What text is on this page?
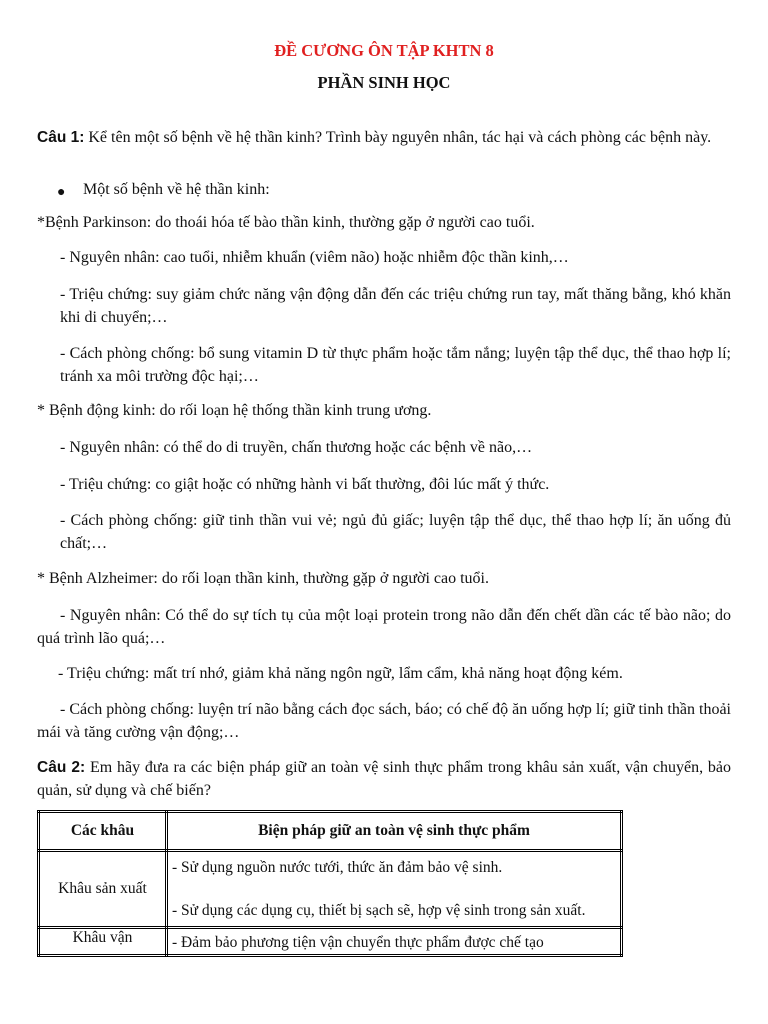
ĐỀ CƯƠNG ÔN TẬP KHTN 8
PHẦN SINH HỌC
Câu 1: Kể tên một số bệnh về hệ thần kinh? Trình bày nguyên nhân, tác hại và cách phòng các bệnh này.
● Một số bệnh về hệ thần kinh:
*Bệnh Parkinson: do thoái hóa tế bào thần kinh, thường gặp ở người cao tuổi.
- Nguyên nhân: cao tuổi, nhiễm khuẩn (viêm não) hoặc nhiễm độc thần kinh,…
- Triệu chứng: suy giảm chức năng vận động dẫn đến các triệu chứng run tay, mất thăng bằng, khó khăn khi di chuyển;…
- Cách phòng chống: bổ sung vitamin D từ thực phẩm hoặc tắm nắng; luyện tập thể dục, thể thao hợp lí; tránh xa môi trường độc hại;…
* Bệnh động kinh: do rối loạn hệ thống thần kinh trung ương.
- Nguyên nhân: có thể do di truyền, chấn thương hoặc các bệnh về não,…
- Triệu chứng: co giật hoặc có những hành vi bất thường, đôi lúc mất ý thức.
- Cách phòng chống: giữ tinh thần vui vẻ; ngủ đủ giấc; luyện tập thể dục, thể thao hợp lí; ăn uống đủ chất;…
* Bệnh Alzheimer: do rối loạn thần kinh, thường gặp ở người cao tuổi.
- Nguyên nhân: Có thể do sự tích tụ của một loại protein trong não dẫn đến chết dần các tế bào não; do quá trình lão quá;…
- Triệu chứng: mất trí nhớ, giảm khả năng ngôn ngữ, lẩm cẩm, khả năng hoạt động kém.
- Cách phòng chống: luyện trí não bằng cách đọc sách, báo; có chế độ ăn uống hợp lí; giữ tinh thần thoải mái và tăng cường vận động;…
Câu 2: Em hãy đưa ra các biện pháp giữ an toàn vệ sinh thực phẩm trong khâu sản xuất, vận chuyển, bảo quản, sử dụng và chế biến?
Các khâu	Biện pháp giữ an toàn vệ sinh thực phẩm
Khâu sản xuất	- Sử dụng nguồn nước tưới, thức ăn đảm bảo vệ sinh.
- Sử dụng các dụng cụ, thiết bị sạch sẽ, hợp vệ sinh trong sản xuất.

Khâu vận	- Đảm bảo phương tiện vận chuyển thực phẩm được chế tạo
